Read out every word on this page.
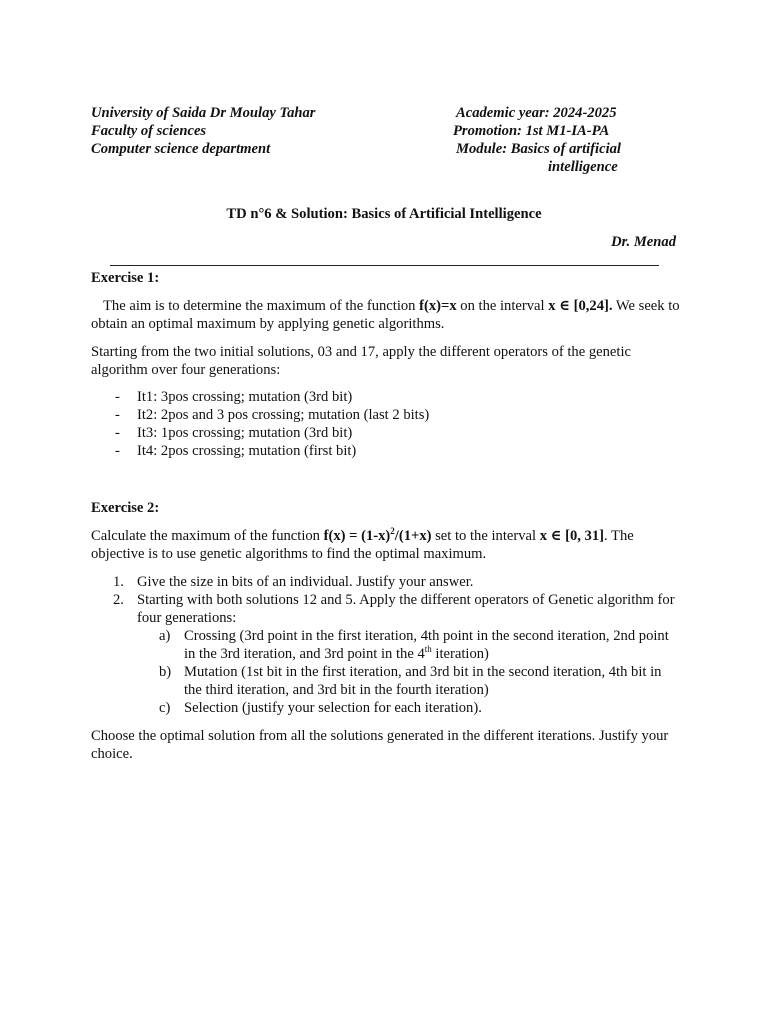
University of Saida Dr Moulay Tahar
Faculty of sciences
Computer science department
Academic year: 2024-2025
Promotion: 1st M1-IA-PA
Module: Basics of artificial
intelligence
TD n°6 & Solution: Basics of Artificial Intelligence
Dr. Menad
Exercise 1:

The aim is to determine the maximum of the function f(x)=x on the interval x ∈ [0,24]. We seek to obtain an optimal maximum by applying genetic algorithms.

Starting from the two initial solutions, 03 and 17, apply the different operators of the genetic algorithm over four generations:

- It1: 3pos crossing; mutation (3rd bit)
- It2: 2pos and 3 pos crossing; mutation (last 2 bits)
- It3: 1pos crossing; mutation (3rd bit)
- It4: 2pos crossing; mutation (first bit)
Exercise 2:

Calculate the maximum of the function $f(x) = (1-x)^2/(1+x)$ set to the interval x ∈ [0, 31]. The objective is to use genetic algorithms to find the optimal maximum.

1. Give the size in bits of an individual. Justify your answer.
2. Starting with both solutions 12 and 5. Apply the different operators of Genetic algorithm for four generations:
a) Crossing (3rd point in the first iteration, 4th point in the second iteration, 2nd point in the 3rd iteration, and 3rd point in the 4th iteration)
b) Mutation (1st bit in the first iteration, and 3rd bit in the second iteration, 4th bit in the third iteration, and 3rd bit in the fourth iteration)
c) Selection (justify your selection for each iteration).

Choose the optimal solution from all the solutions generated in the different iterations. Justify your choice.
